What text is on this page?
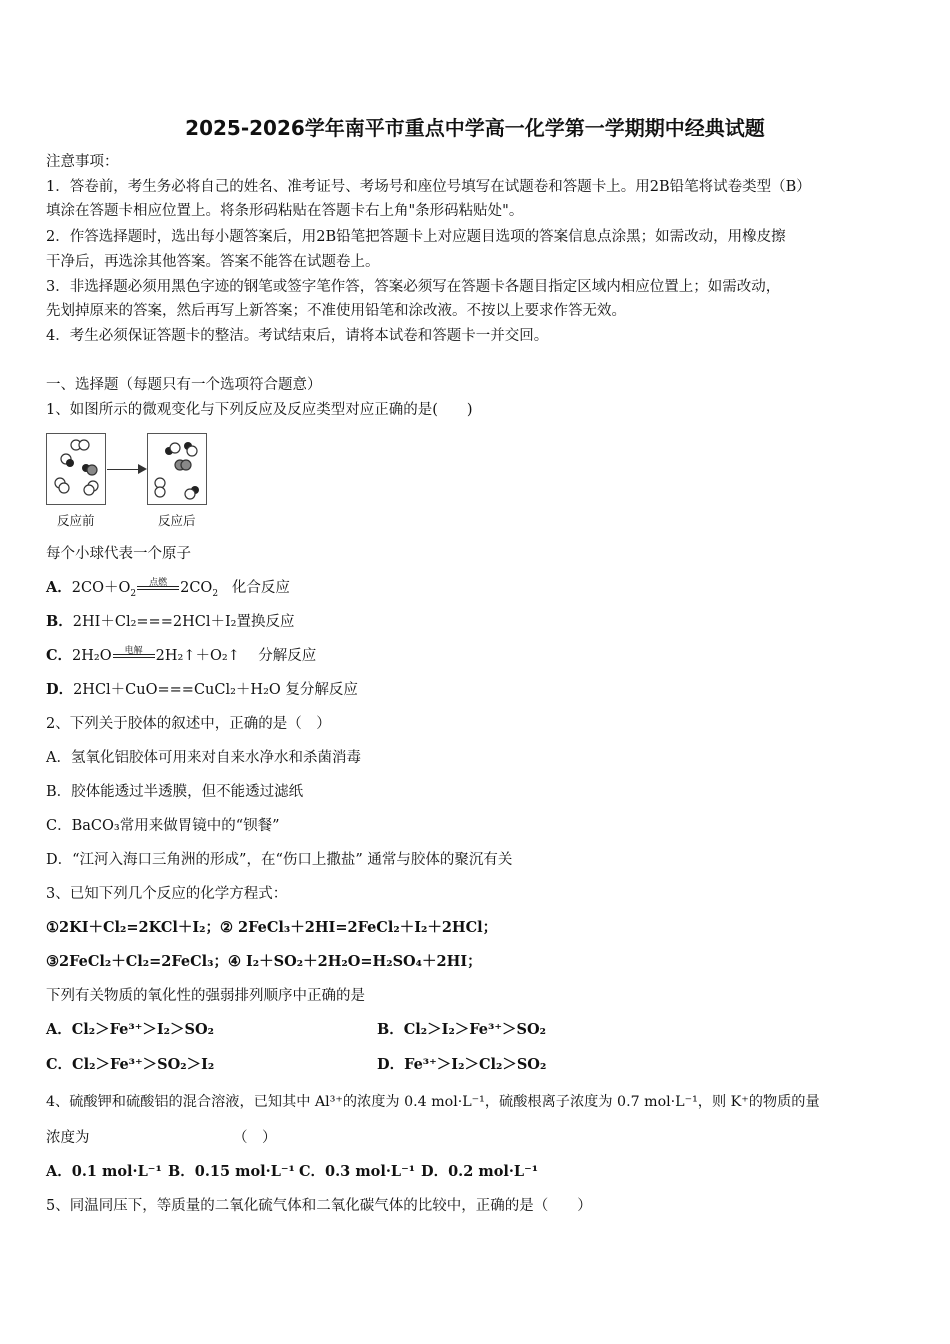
2025-2026学年南平市重点中学高一化学第一学期期中经典试题
注意事项：
1．答卷前，考生务必将自己的姓名、准考证号、考场号和座位号填写在试题卷和答题卡上。用2B铅笔将试卷类型（B）
填涂在答题卡相应位置上。将条形码粘贴在答题卡右上角"条形码粘贴处"。
2．作答选择题时，选出每小题答案后，用2B铅笔把答题卡上对应题目选项的答案信息点涂黑；如需改动，用橡皮擦
干净后，再选涂其他答案。答案不能答在试题卷上。
3．非选择题必须用黑色字迹的钢笔或签字笔作答，答案必须写在答题卡各题目指定区域内相应位置上；如需改动，
先划掉原来的答案，然后再写上新答案；不准使用铅笔和涂改液。不按以上要求作答无效。
4．考生必须保证答题卡的整洁。考试结束后，请将本试卷和答题卡一并交回。
一、选择题（每题只有一个选项符合题意）
1、如图所示的微观变化与下列反应及反应类型对应正确的是(　　)
反应前	反应后
每个小球代表一个原子
A．$2CO+O_2$
点燃 $2CO_2$ 化合反应
B．2HI＋Cl₂===2HCl＋I₂置换反应
C．2H₂O	电解 2H₂↑＋O₂↑ 分解反应
D．2HCl＋CuO===CuCl₂＋H₂O 复分解反应
2、下列关于胶体的叙述中，正确的是（　）
A．氢氧化铝胶体可用来对自来水净水和杀菌消毒
B．胶体能透过半透膜，但不能透过滤纸
C．BaCO₃常用来做胃镜中的“钡餐”
D．“江河入海口三角洲的形成”，在“伤口上撒盐” 通常与胶体的聚沉有关
3、已知下列几个反应的化学方程式：
①2KI＋Cl₂=2KCl＋I₂；② 2FeCl₃＋2HI=2FeCl₂＋I₂＋2HCl；
③2FeCl₂＋Cl₂=2FeCl₃；④ I₂＋SO₂＋2H₂O=H₂SO₄＋2HI；
下列有关物质的氧化性的强弱排列顺序中正确的是
A．Cl₂＞Fe³⁺＞I₂＞SO₂	B．Cl₂＞I₂＞Fe³⁺＞SO₂
C．Cl₂＞Fe³⁺＞SO₂＞I₂	D．Fe³⁺＞I₂＞Cl₂＞SO₂
4、硫酸钾和硫酸铝的混合溶液，已知其中 Al³⁺的浓度为 0.4 mol·L⁻¹，硫酸根离子浓度为 0.7 mol·L⁻¹，则 K⁺的物质的量
浓度为	（　）
A．0.1 mol·L⁻¹ B．0.15 mol·L⁻¹ C．0.3 mol·L⁻¹ D．0.2 mol·L⁻¹
5、同温同压下，等质量的二氧化硫气体和二氧化碳气体的比较中，正确的是（　　）
